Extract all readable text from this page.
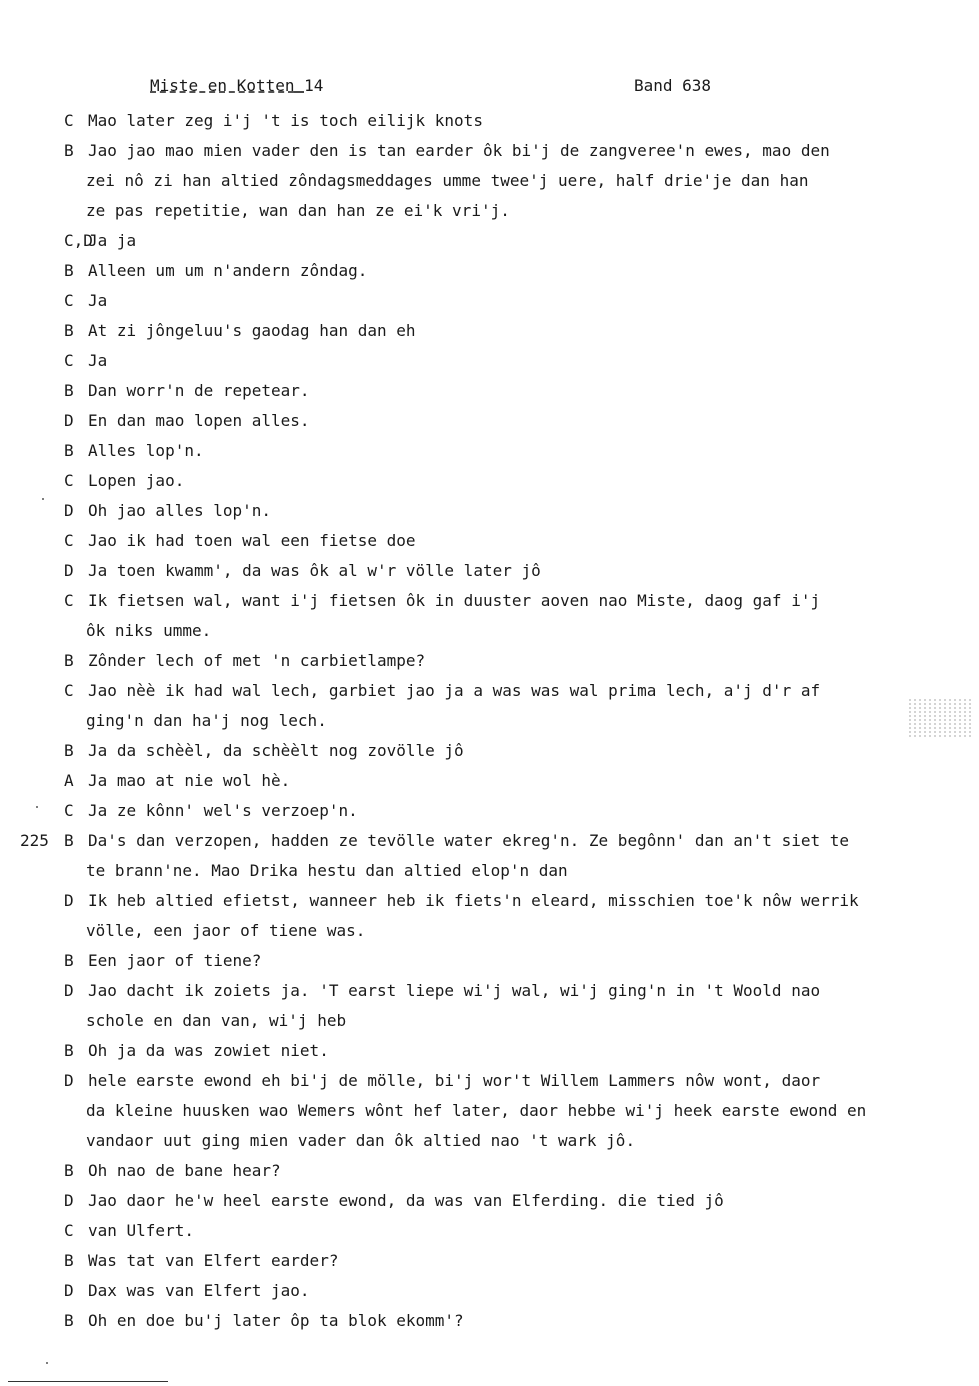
Miste en Kotten 14	Band 638
C Mao later zeg i'j 't is toch eilijk knots
B Jao jao mao mien vader den is tan earder ôk bi'j de zangveree'n ewes, mao den
zei nô zi han altied zôndagsmeddages umme twee'j uere, half drie'je dan han
ze pas repetitie, wan dan han ze ei'k vri'j.
C,D
Ja ja
B Alleen um um n'andern zôndag.
C Ja
B At zi jôngeluu's gaodag han dan eh
C Ja
B Dan worr'n de repetear.
D En dan mao lopen alles.
B Alles lop'n.
C Lopen jao.
D Oh jao alles lop'n.
C Jao ik had toen wal een fietse doe
D Ja toen kwamm', da was ôk al w'r völle later jô
C Ik fietsen wal, want i'j fietsen ôk in duuster aoven nao Miste, daog gaf i'j
ôk niks umme.
B Zônder lech of met 'n carbietlampe?
C Jao nèè ik had wal lech, garbiet jao ja a was was wal prima lech, a'j d'r af
ging'n dan ha'j nog lech.
B Ja da schèèl, da schèèlt nog zovölle jô
A Ja mao at nie wol hè.
C Ja ze kônn' wel's verzoep'n.
225 B Da's dan verzopen, hadden ze tevölle water ekreg'n. Ze begônn' dan an't siet te
te brann'ne. Mao Drika hestu dan altied elop'n dan
D Ik heb altied efietst, wanneer heb ik fiets'n eleard, misschien toe'k nôw werrik
völle, een jaor of tiene was.
B Een jaor of tiene?
D Jao dacht ik zoiets ja. 'T earst liepe wi'j wal, wi'j ging'n in 't Woold nao
schole en dan van, wi'j heb
B Oh ja da was zowiet niet.
D hele earste ewond eh bi'j de mölle, bi'j wor't Willem Lammers nôw wont, daor
da kleine huusken wao Wemers wônt hef later, daor hebbe wi'j heek earste ewond en
vandaor uut ging mien vader dan ôk altied nao 't wark jô.
B Oh nao de bane hear?
D Jao daor he'w heel earste ewond, da was van Elferding. die tied jô
C van Ulfert.
B Was tat van Elfert earder?
D Dax was van Elfert jao.
B Oh en doe bu'j later ôp ta blok ekomm'?
